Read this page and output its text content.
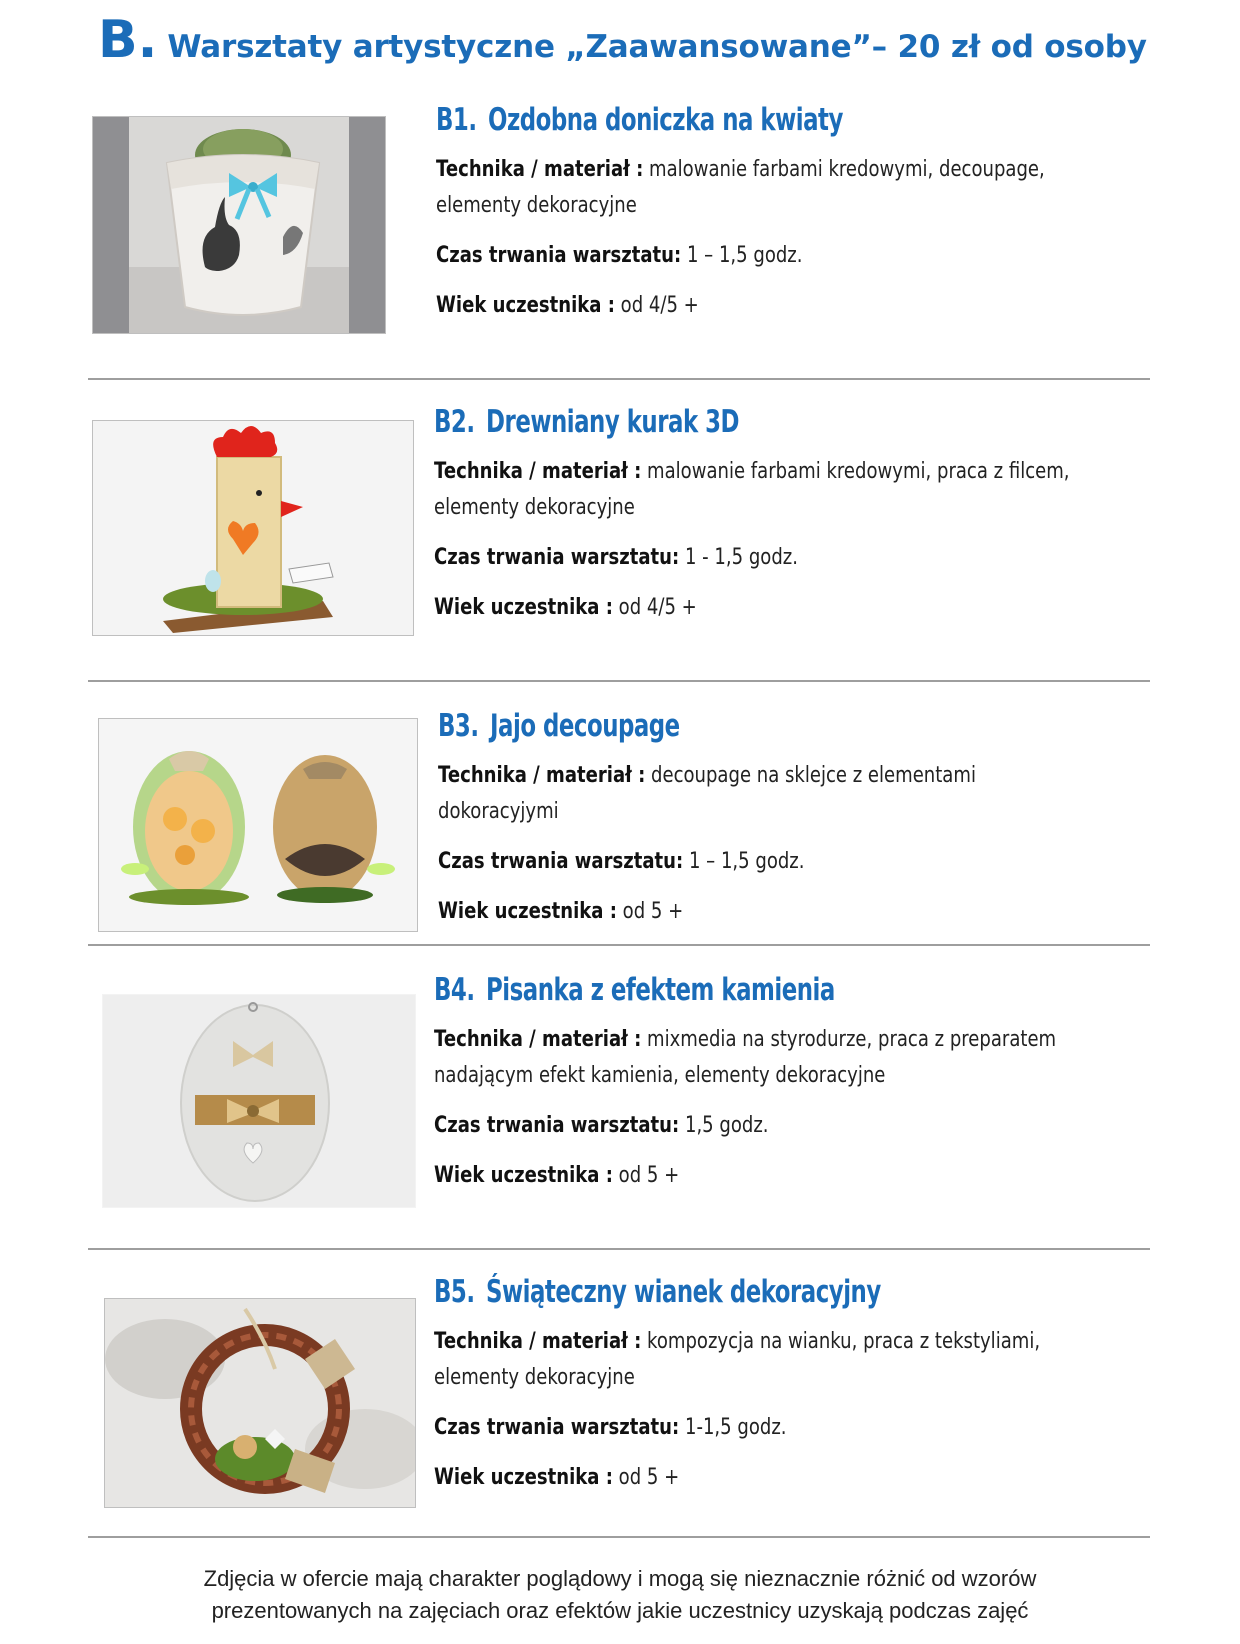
B. Warsztaty artystyczne „Zaawansowane”– 20 zł od osoby
B1. Ozdobna doniczka na kwiaty
Technika / materiał : malowanie farbami kredowymi, decoupage,
elementy dekoracyjne
Czas trwania warsztatu: 1 – 1,5 godz.
Wiek uczestnika : od 4/5 +
B2. Drewniany kurak 3D
Technika / materiał : malowanie farbami kredowymi, praca z filcem,
elementy dekoracyjne
Czas trwania warsztatu: 1 - 1,5 godz.
Wiek uczestnika : od 4/5 +
B3. Jajo decoupage
Technika / materiał : decoupage na sklejce z elementami dokoracyjymi
Czas trwania warsztatu: 1 – 1,5 godz.
Wiek uczestnika : od 5 +
B4. Pisanka z efektem kamienia
Technika / materiał : mixmedia na styrodurze, praca z preparatem
nadającym efekt kamienia, elementy dekoracyjne
Czas trwania warsztatu: 1,5 godz.
Wiek uczestnika : od 5 +
B5. Świąteczny wianek dekoracyjny
Technika / materiał : kompozycja na wianku, praca z tekstyliami,
elementy dekoracyjne
Czas trwania warsztatu: 1-1,5 godz.
Wiek uczestnika : od 5 +
Zdjęcia w ofercie mają charakter poglądowy i mogą się nieznacznie różnić od wzorów
prezentowanych na zajęciach oraz efektów jakie uczestnicy uzyskają podczas zajęć
